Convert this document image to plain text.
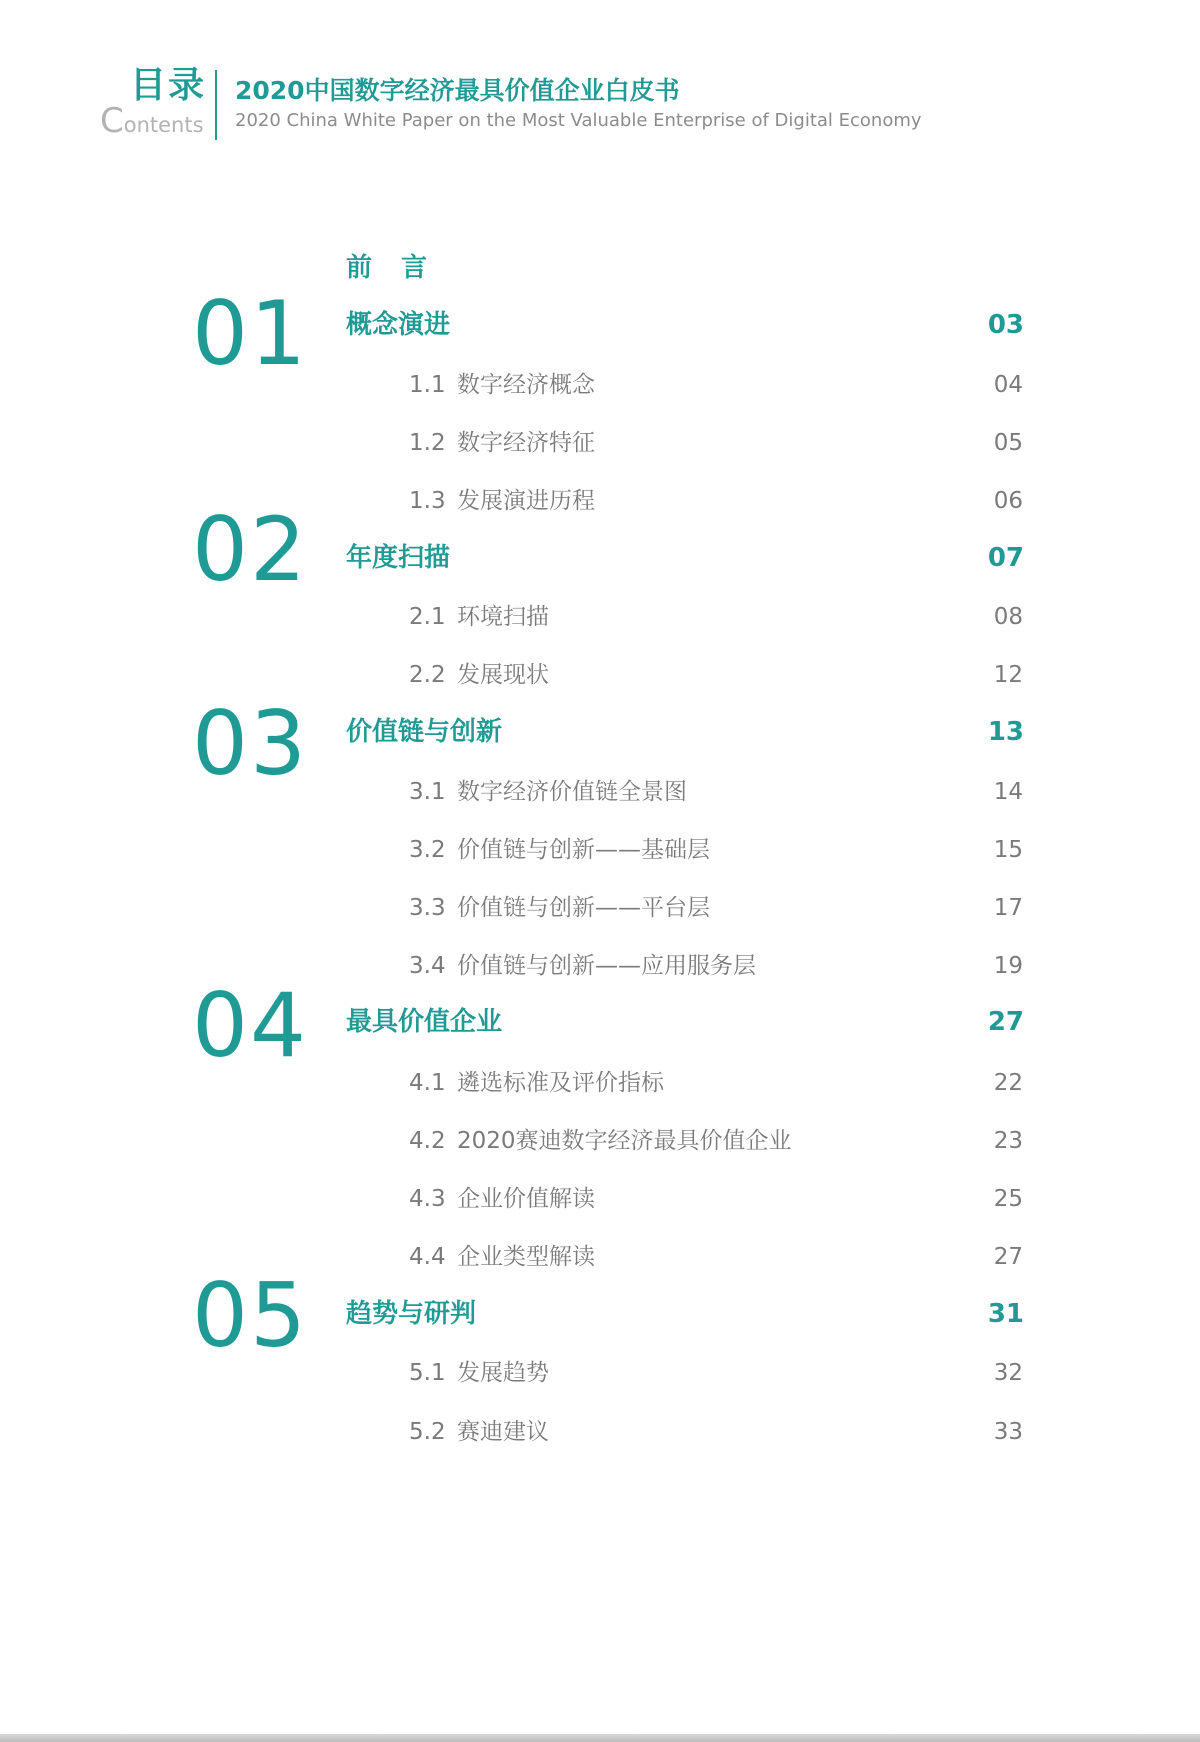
目录
Contents
2020中国数字经济最具价值企业白皮书
2020 China White Paper on the Most Valuable Enterprise of Digital Economy
前 言
01 概念演进	03
1.1 数字经济概念	04
1.2 数字经济特征	05
1.3 发展演进历程	06
02 年度扫描	07
2.1 环境扫描	08
2.2 发展现状	12
03 价值链与创新	13
3.1 数字经济价值链全景图	14
3.2 价值链与创新——基础层	15
3.3 价值链与创新——平台层	17
3.4 价值链与创新——应用服务层	19
04 最具价值企业	27
4.1 遴选标准及评价指标	22
4.2 2020赛迪数字经济最具价值企业	23
4.3 企业价值解读	25
4.4 企业类型解读	27
05 趋势与研判	31
5.1 发展趋势	32
5.2 赛迪建议	33
